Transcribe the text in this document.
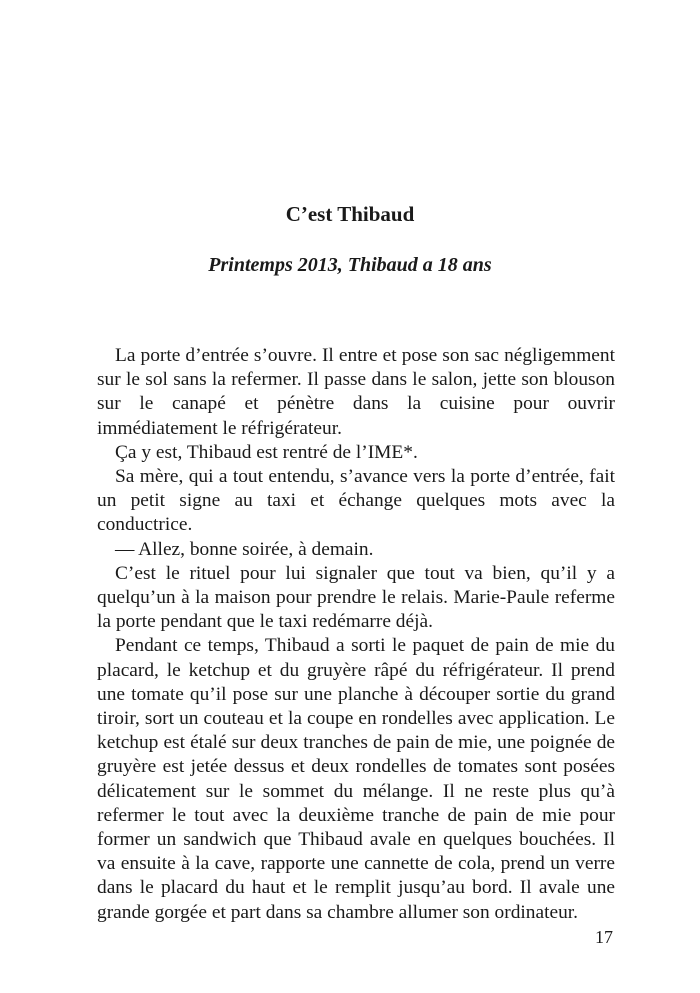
C’est Thibaud
Printemps 2013, Thibaud a 18 ans

La porte d’entrée s’ouvre. Il entre et pose son sac négligemment sur le sol sans la refermer. Il passe dans le salon, jette son blouson sur le canapé et pénètre dans la cuisine pour ouvrir immédiatement le réfrigérateur.

Ça y est, Thibaud est rentré de l’IME*.

Sa mère, qui a tout entendu, s’avance vers la porte d’entrée, fait un petit signe au taxi et échange quelques mots avec la conductrice.

— Allez, bonne soirée, à demain.

C’est le rituel pour lui signaler que tout va bien, qu’il y a quelqu’un à la maison pour prendre le relais. Marie-Paule referme la porte pendant que le taxi redémarre déjà.

Pendant ce temps, Thibaud a sorti le paquet de pain de mie du placard, le ketchup et du gruyère râpé du réfrigérateur. Il prend une tomate qu’il pose sur une planche à découper sortie du grand tiroir, sort un couteau et la coupe en rondelles avec application. Le ketchup est étalé sur deux tranches de pain de mie, une poignée de gruyère est jetée dessus et deux rondelles de tomates sont posées délicatement sur le sommet du mélange. Il ne reste plus qu’à refermer le tout avec la deuxième tranche de pain de mie pour former un sandwich que Thibaud avale en quelques bouchées. Il va ensuite à la cave, rapporte une cannette de cola, prend un verre dans le placard du haut et le remplit jusqu’au bord. Il avale une grande gorgée et part dans sa chambre allumer son ordinateur.

17
